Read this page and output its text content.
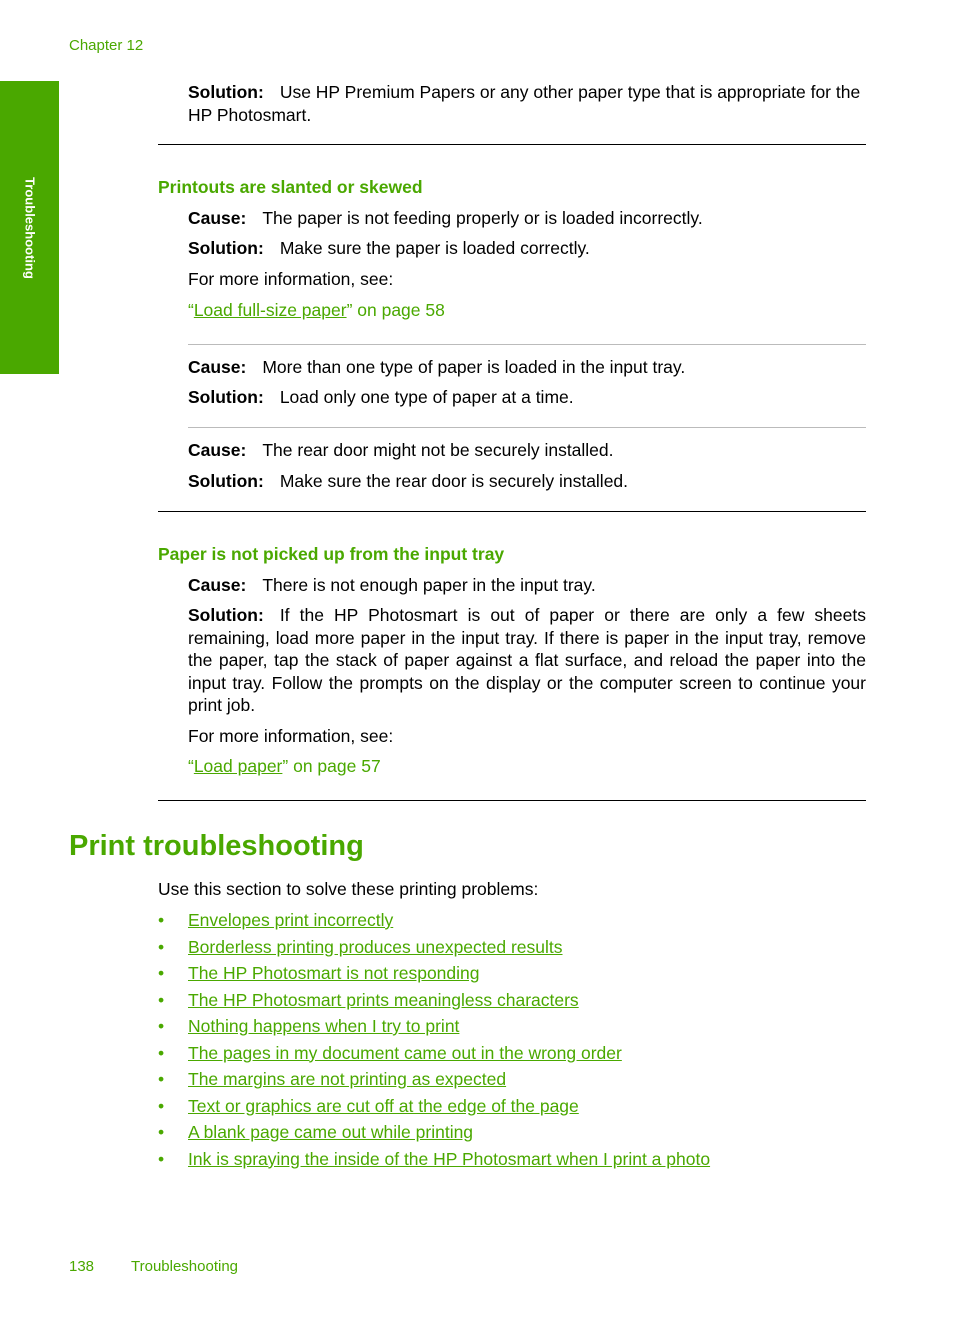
Chapter 12
Troubleshooting
Solution: Use HP Premium Papers or any other paper type that is appropriate for the HP Photosmart.
Printouts are slanted or skewed
Cause: The paper is not feeding properly or is loaded incorrectly.
Solution: Make sure the paper is loaded correctly.
For more information, see:
“Load full-size paper” on page 58
Cause: More than one type of paper is loaded in the input tray.
Solution: Load only one type of paper at a time.
Cause: The rear door might not be securely installed.
Solution: Make sure the rear door is securely installed.
Paper is not picked up from the input tray
Cause: There is not enough paper in the input tray.
Solution: If the HP Photosmart is out of paper or there are only a few sheets remaining, load more paper in the input tray. If there is paper in the input tray, remove the paper, tap the stack of paper against a flat surface, and reload the paper into the input tray. Follow the prompts on the display or the computer screen to continue your print job.
For more information, see:
“Load paper” on page 57
Print troubleshooting
Use this section to solve these printing problems:
• Envelopes print incorrectly
• Borderless printing produces unexpected results
• The HP Photosmart is not responding
• The HP Photosmart prints meaningless characters
• Nothing happens when I try to print
• The pages in my document came out in the wrong order
• The margins are not printing as expected
• Text or graphics are cut off at the edge of the page
• A blank page came out while printing
• Ink is spraying the inside of the HP Photosmart when I print a photo
138 Troubleshooting
